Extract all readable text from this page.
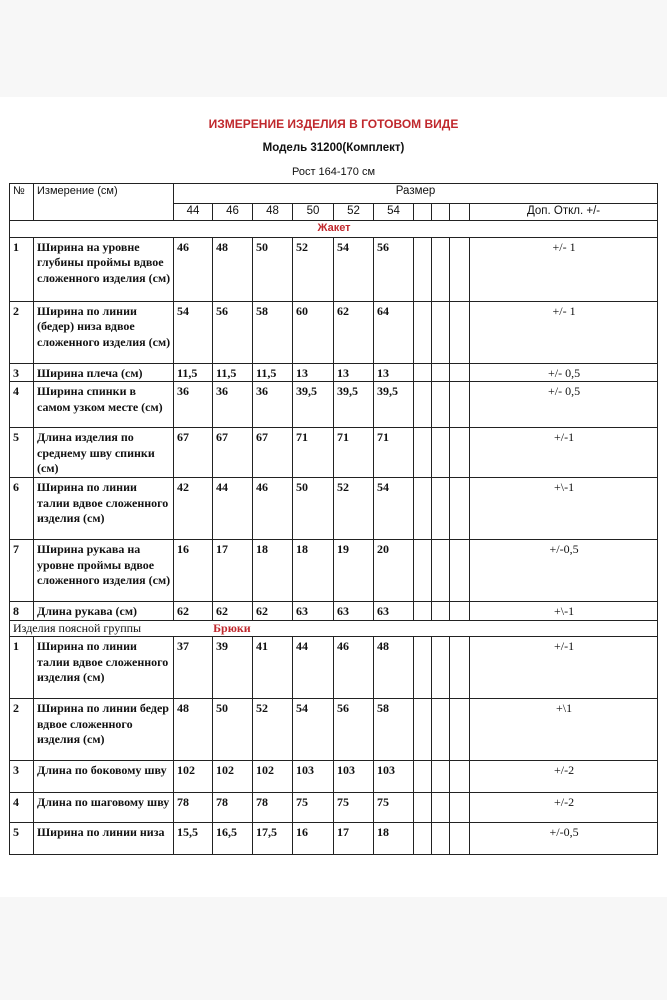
ИЗМЕРЕНИЕ ИЗДЕЛИЯ В ГОТОВОМ ВИДЕ
Модель 31200(Комплект)
Рост 164-170 см
№	Измерение (см)	Размер									
		44	46	48	50	52	54				Доп. Откл. +/-
Жакет											
1	Ширина на уровне глубины проймы вдвое сложенного изделия (см)	46	48	50	52	54	56				+/- 1
2	Ширина по линии (бедер) низа вдвое сложенного изделия (см)	54	56	58	60	62	64				+/- 1
3	Ширина плеча (см)	11,5	11,5	11,5	13	13	13				+/- 0,5
4	Ширина спинки в самом узком месте (см)	36	36	36	39,5	39,5	39,5				+/- 0,5
5	Длина изделия по среднему шву спинки (см)	67	67	67	71	71	71				+/-1
6	Ширина по линии талии вдвое сложенного изделия (см)	42	44	46	50	52	54				+\-1
7	Ширина рукава на уровне проймы вдвое сложенного изделия (см)	16	17	18	18	19	20				+/-0,5
8	Длина рукава (см)	62	62	62	63	63	63				+\-1
Изделия поясной группы Брюки											
1	Ширина по линии талии вдвое сложенного изделия (см)	37	39	41	44	46	48				+/-1
2	Ширина по линии бедер вдвое сложенного изделия (см)	48	50	52	54	56	58				+\1
3	Длина по боковому шву	102	102	102	103	103	103				+/-2
4	Длина по шаговому шву	78	78	78	75	75	75				+/-2
5	Ширина по линии низа	15,5	16,5	17,5	16	17	18				+/-0,5
